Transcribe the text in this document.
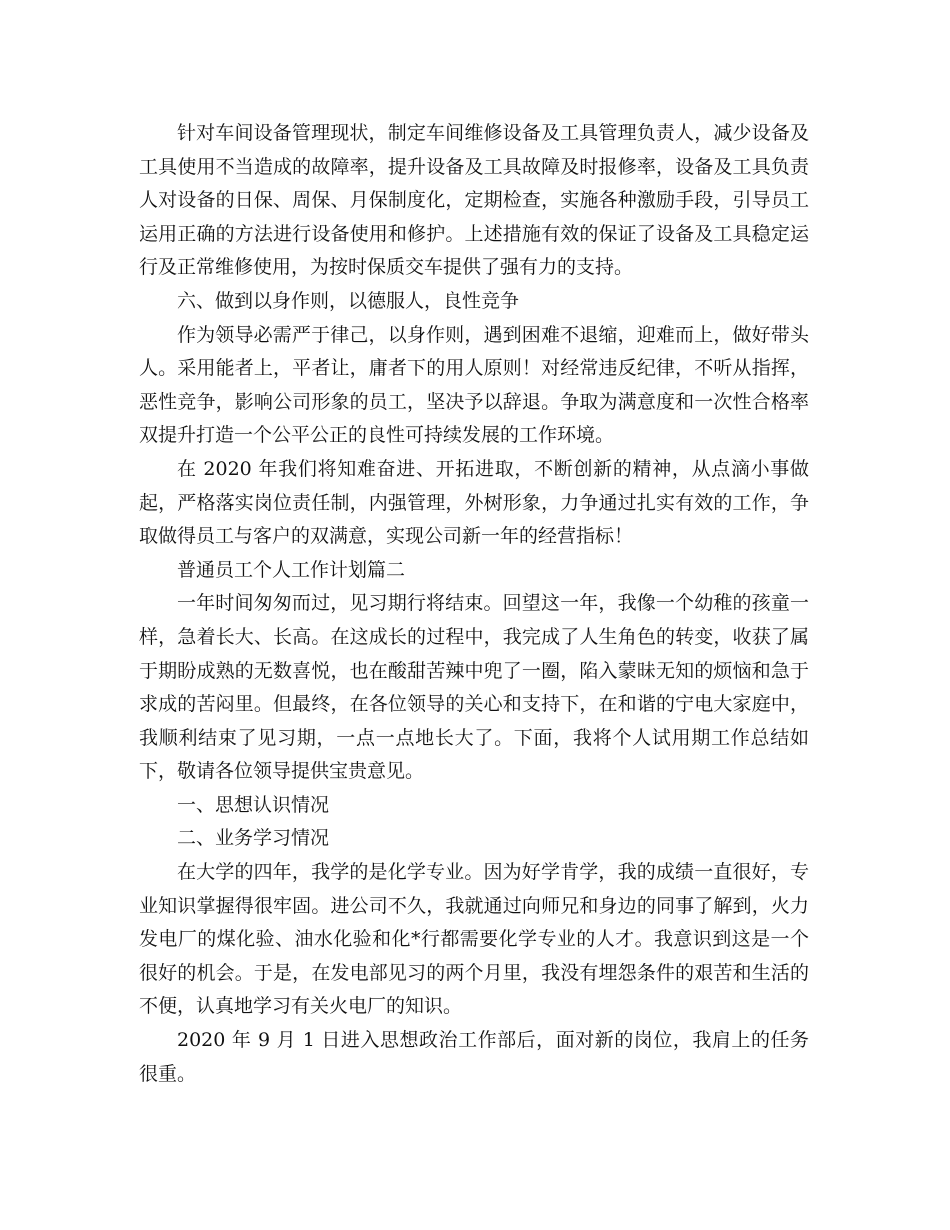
针对车间设备管理现状，制定车间维修设备及工具管理负责人，减少设备及工具使用不当造成的故障率，提升设备及工具故障及时报修率，设备及工具负责人对设备的日保、周保、月保制度化，定期检查，实施各种激励手段，引导员工运用正确的方法进行设备使用和修护。上述措施有效的保证了设备及工具稳定运行及正常维修使用，为按时保质交车提供了强有力的支持。

六、做到以身作则，以德服人，良性竞争

作为领导必需严于律己，以身作则，遇到困难不退缩，迎难而上，做好带头人。采用能者上，平者让，庸者下的用人原则！对经常违反纪律，不听从指挥，恶性竞争，影响公司形象的员工，坚决予以辞退。争取为满意度和一次性合格率双提升打造一个公平公正的良性可持续发展的工作环境。

在 2020 年我们将知难奋进、开拓进取，不断创新的精神，从点滴小事做起，严格落实岗位责任制，内强管理，外树形象，力争通过扎实有效的工作，争取做得员工与客户的双满意，实现公司新一年的经营指标！

普通员工个人工作计划篇二

一年时间匆匆而过，见习期行将结束。回望这一年，我像一个幼稚的孩童一样，急着长大、长高。在这成长的过程中，我完成了人生角色的转变，收获了属于期盼成熟的无数喜悦，也在酸甜苦辣中兜了一圈，陷入蒙昧无知的烦恼和急于求成的苦闷里。但最终，在各位领导的关心和支持下，在和谐的宁电大家庭中，我顺利结束了见习期，一点一点地长大了。下面，我将个人试用期工作总结如下，敬请各位领导提供宝贵意见。

一、思想认识情况

二、业务学习情况

在大学的四年，我学的是化学专业。因为好学肯学，我的成绩一直很好，专业知识掌握得很牢固。进公司不久，我就通过向师兄和身边的同事了解到，火力发电厂的煤化验、油水化验和化*行都需要化学专业的人才。我意识到这是一个很好的机会。于是，在发电部见习的两个月里，我没有埋怨条件的艰苦和生活的不便，认真地学习有关火电厂的知识。

2020 年 9 月 1 日进入思想政治工作部后，面对新的岗位，我肩上的任务很重。
